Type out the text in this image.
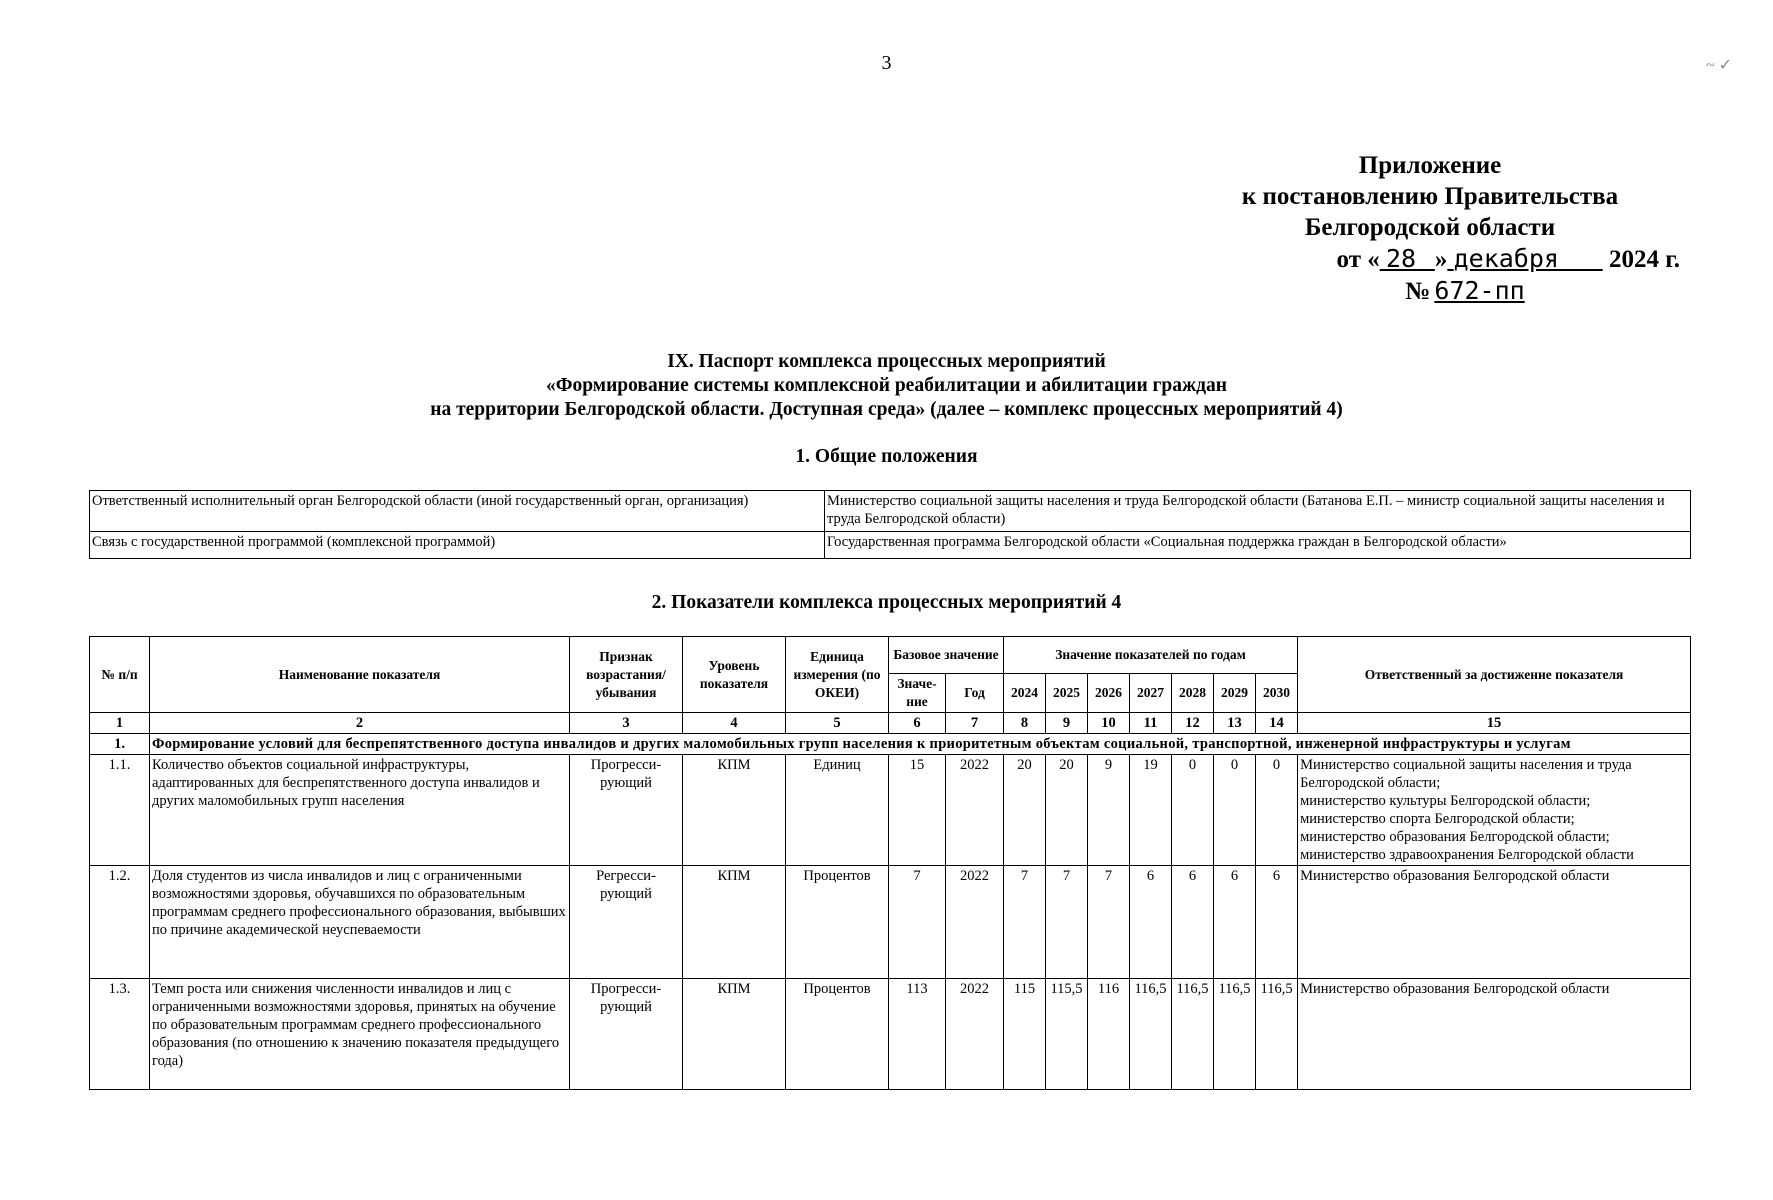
3	~ ✓
Приложение
к постановлению Правительства
Белгородской области
от « 28 » декабря 2024 г.
№ 672-пп
IX. Паспорт комплекса процессных мероприятий
«Формирование системы комплексной реабилитации и абилитации граждан
на территории Белгородской области. Доступная среда» (далее – комплекс процессных мероприятий 4)
1. Общие положения
Ответственный исполнительный орган Белгородской области (иной государственный орган, организация)	Министерство социальной защиты населения и труда Белгородской области (Батанова Е.П. – министр социальной защиты населения и труда Белгородской области)
Связь с государственной программой (комплексной программой)	Государственная программа Белгородской области «Социальная поддержка граждан в Белгородской области»
2. Показатели комплекса процессных мероприятий 4
№ п/п	Наименование показателя	Признак возрастания/ убывания	Уровень показателя	Единица измерения (по ОКЕИ)	Базовое значение		Значение показателей по годам							Ответственный за достижение показателя
					Значе-ние	Год	2024	2025	2026	2027	2028	2029	2030	
1	2	3	4	5	6	7	8	9	10	11	12	13	14	15
1.	Формирование условий для беспрепятственного доступа инвалидов и других маломобильных групп населения к приоритетным объектам социальной, транспортной, инженерной инфраструктуры и услугам													
1.1.	Количество объектов социальной инфраструктуры, адаптированных для беспрепятственного доступа инвалидов и других маломобильных групп населения	Прогресси-рующий	КПМ	Единиц	15	2022	20	20	9	19	0	0	0	Министерство социальной защиты населения и труда Белгородской области;
министерство культуры Белгородской области;
министерство спорта Белгородской области;
министерство образования Белгородской области;
министерство здравоохранения Белгородской области

1.2.	Доля студентов из числа инвалидов и лиц с ограниченными возможностями здоровья, обучавшихся по образовательным программам среднего профессионального образования, выбывших по причине академической неуспеваемости	Регресси-рующий	КПМ	Процентов	7	2022	7	7	7	6	6	6	6	Министерство образования Белгородской области
1.3.	Темп роста или снижения численности инвалидов и лиц с ограниченными возможностями здоровья, принятых на обучение по образовательным программам среднего профессионального образования (по отношению к значению показателя предыдущего года)	Прогресси-рующий	КПМ	Процентов	113	2022	115	115,5	116	116,5	116,5	116,5	116,5	Министерство образования Белгородской области
